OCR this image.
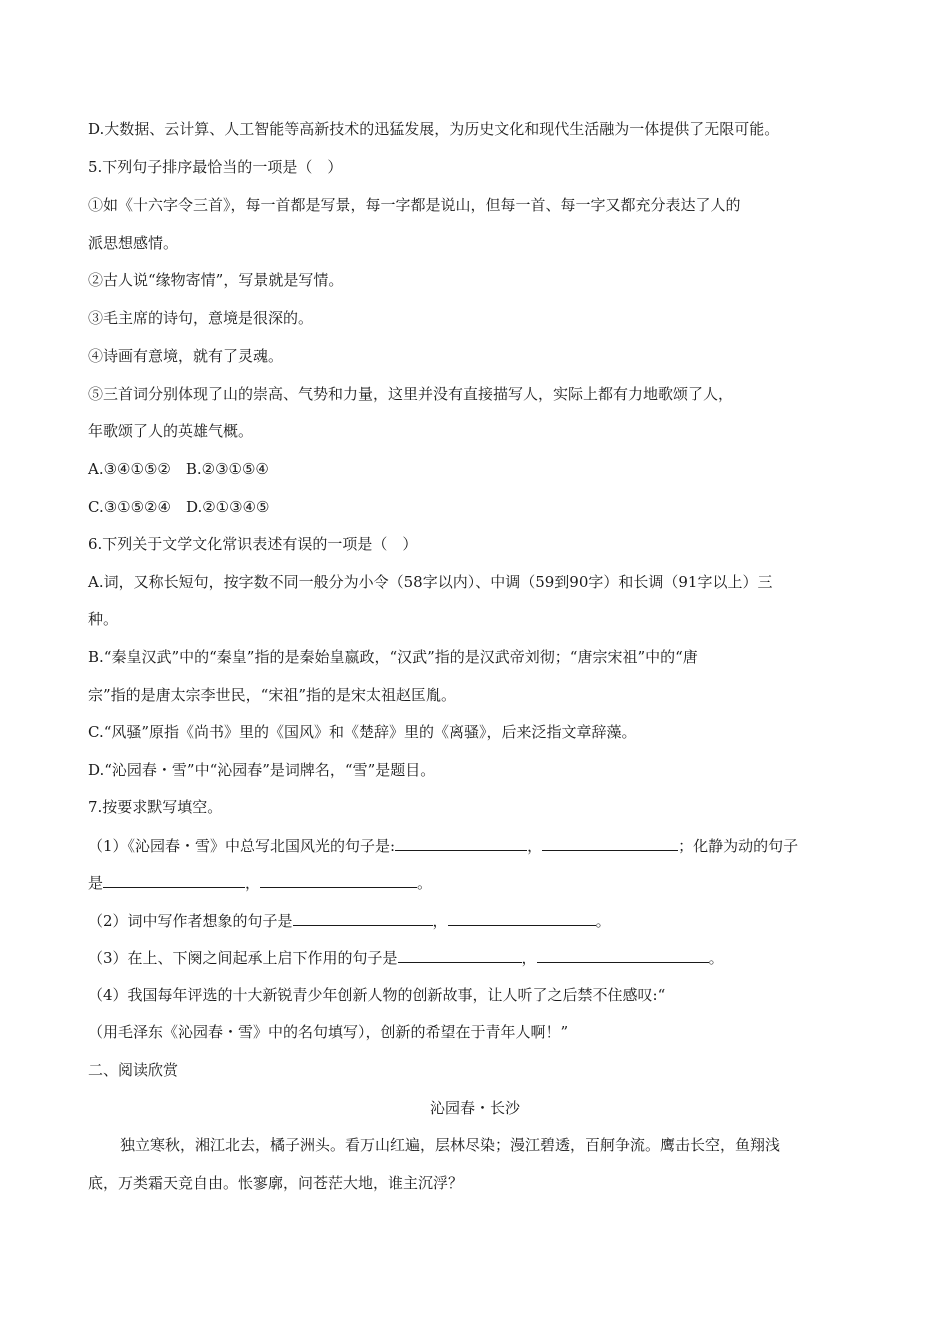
D.大数据、云计算、人工智能等高新技术的迅猛发展，为历史文化和现代生活融为一体提供了无限可能。
5.下列句子排序最恰当的一项是（　）
①如《十六字令三首》，每一首都是写景，每一字都是说山，但每一首、每一字又都充分表达了人的
派思想感情。
②古人说“缘物寄情”，写景就是写情。
③毛主席的诗句，意境是很深的。
④诗画有意境，就有了灵魂。
⑤三首词分别体现了山的崇高、气势和力量，这里并没有直接描写人，实际上都有力地歌颂了人，
年歌颂了人的英雄气概。
A.③④①⑤②　B.②③①⑤④
C.③①⑤②④　D.②①③④⑤
6.下列关于文学文化常识表述有误的一项是（　）
A.词，又称长短句，按字数不同一般分为小令（58字以内）、中调（59到90字）和长调（91字以上）三
种。
B.“秦皇汉武”中的“秦皇”指的是秦始皇嬴政，“汉武”指的是汉武帝刘彻；“唐宗宋祖”中的“唐
宗”指的是唐太宗李世民，“宋祖”指的是宋太祖赵匡胤。
C.“风骚”原指《尚书》里的《国风》和《楚辞》里的《离骚》，后来泛指文章辞藻。
D.“沁园春・雪”中“沁园春”是词牌名，“雪”是题目。
7.按要求默写填空。
（1）《沁园春・雪》中总写北国风光的句子是:	，	；化静为动的句子
是	，	。
（2）词中写作者想象的句子是	，	。
（3）在上、下阕之间起承上启下作用的句子是	，	。
（4）我国每年评选的十大新锐青少年创新人物的创新故事，让人听了之后禁不住感叹:“
（用毛泽东《沁园春・雪》中的名句填写），创新的希望在于青年人啊！”
二、阅读欣赏
沁园春・长沙
独立寒秋，湘江北去，橘子洲头。看万山红遍，层林尽染；漫江碧透，百舸争流。鹰击长空，鱼翔浅
底，万类霜天竞自由。怅寥廓，问苍茫大地，谁主沉浮？
